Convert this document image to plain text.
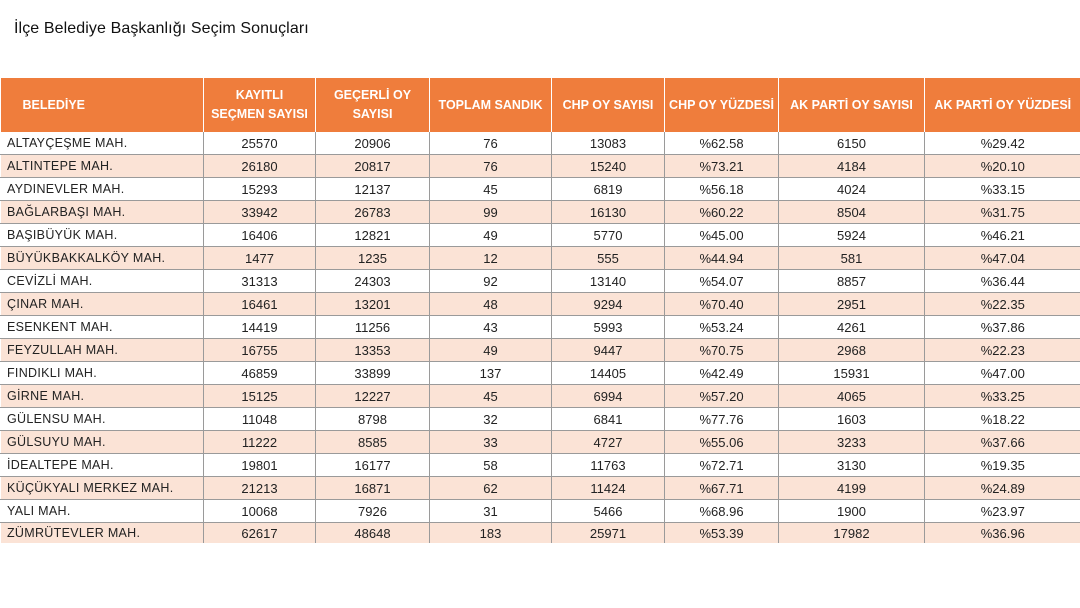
İlçe Belediye Başkanlığı Seçim Sonuçları
BELEDİYE	KAYITLI SEÇMEN SAYISI	GEÇERLİ OY SAYISI	TOPLAM SANDIK	CHP OY SAYISI	CHP OY YÜZDESİ	AK PARTİ OY SAYISI	AK PARTİ OY YÜZDESİ
ALTAYÇEŞME MAH.	25570	20906	76	13083	%62.58	6150	%29.42
ALTINTEPE MAH.	26180	20817	76	15240	%73.21	4184	%20.10
AYDINEVLER MAH.	15293	12137	45	6819	%56.18	4024	%33.15
BAĞLARBAŞI MAH.	33942	26783	99	16130	%60.22	8504	%31.75
BAŞIBÜYÜK MAH.	16406	12821	49	5770	%45.00	5924	%46.21
BÜYÜKBAKKALKÖY MAH.	1477	1235	12	555	%44.94	581	%47.04
CEVİZLİ MAH.	31313	24303	92	13140	%54.07	8857	%36.44
ÇINAR MAH.	16461	13201	48	9294	%70.40	2951	%22.35
ESENKENT MAH.	14419	11256	43	5993	%53.24	4261	%37.86
FEYZULLAH MAH.	16755	13353	49	9447	%70.75	2968	%22.23
FINDIKLI MAH.	46859	33899	137	14405	%42.49	15931	%47.00
GİRNE MAH.	15125	12227	45	6994	%57.20	4065	%33.25
GÜLENSU MAH.	11048	8798	32	6841	%77.76	1603	%18.22
GÜLSUYU MAH.	11222	8585	33	4727	%55.06	3233	%37.66
İDEALTEPE MAH.	19801	16177	58	11763	%72.71	3130	%19.35
KÜÇÜKYALI MERKEZ MAH.	21213	16871	62	11424	%67.71	4199	%24.89
YALI MAH.	10068	7926	31	5466	%68.96	1900	%23.97
ZÜMRÜTEVLER MAH.	62617	48648	183	25971	%53.39	17982	%36.96
